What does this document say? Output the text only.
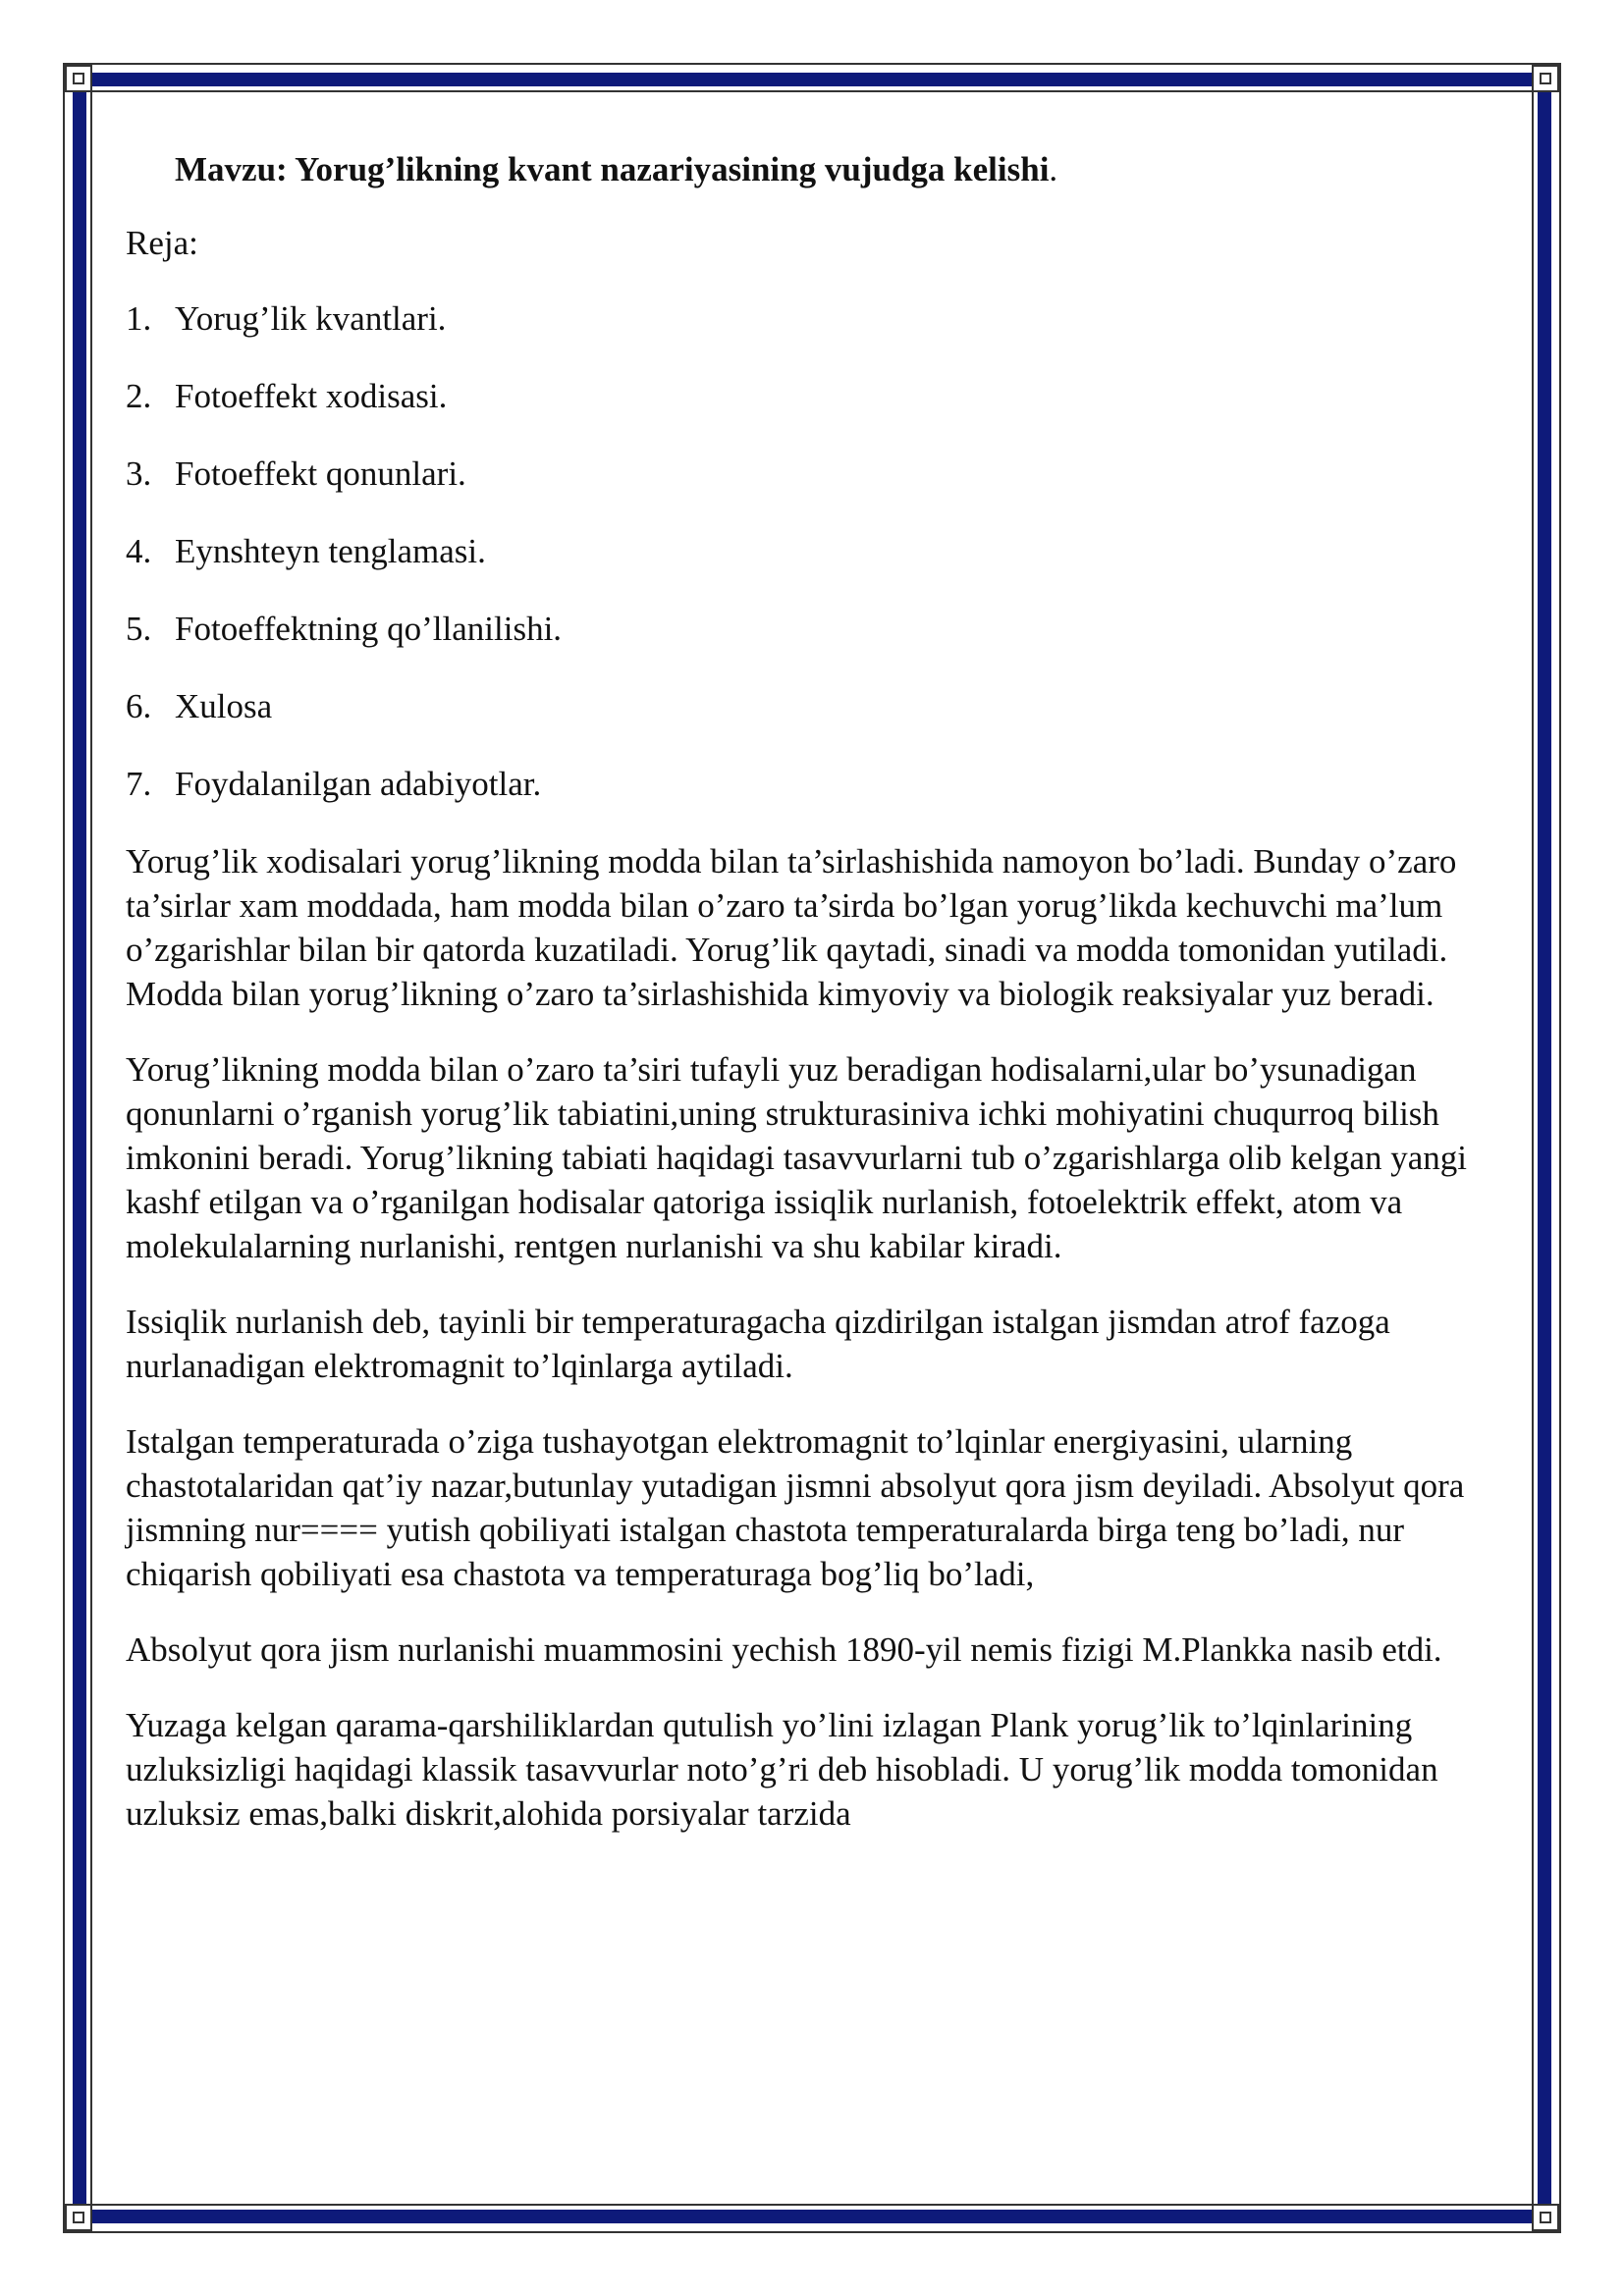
Mavzu: Yorug’likning kvant nazariyasining vujudga kelishi.

Reja:

1. Yorug’lik kvantlari.
2. Fotoeffekt xodisasi.
3. Fotoeffekt qonunlari.
4. Eynshteyn tenglamasi.
5. Fotoeffektning qo’llanilishi.
6. Xulosa
7. Foydalanilgan adabiyotlar.

Yorug’lik xodisalari yorug’likning modda bilan ta’sirlashishida namoyon bo’ladi. Bunday o’zaro ta’sirlar xam moddada, ham modda bilan o’zaro ta’sirda bo’lgan yorug’likda kechuvchi ma’lum o’zgarishlar bilan bir qatorda kuzatiladi. Yorug’lik qaytadi, sinadi va modda tomonidan yutiladi. Modda bilan yorug’likning o’zaro ta’sirlashishida kimyoviy va biologik reaksiyalar yuz beradi.

Yorug’likning modda bilan o’zaro ta’siri tufayli yuz beradigan hodisalarni,ular bo’ysunadigan qonunlarni o’rganish yorug’lik tabiatini,uning strukturasiniva ichki mohiyatini chuqurroq bilish imkonini beradi. Yorug’likning tabiati haqidagi tasavvurlarni tub o’zgarishlarga olib kelgan yangi kashf etilgan va o’rganilgan hodisalar qatoriga issiqlik nurlanish, fotoelektrik effekt, atom va molekulalarning nurlanishi, rentgen nurlanishi va shu kabilar kiradi.

Issiqlik nurlanish deb, tayinli bir temperaturagacha qizdirilgan istalgan jismdan atrof fazoga nurlanadigan elektromagnit to’lqinlarga aytiladi.

Istalgan temperaturada o’ziga tushayotgan elektromagnit to’lqinlar energiyasini, ularning chastotalaridan qat’iy nazar,butunlay yutadigan jismni absolyut qora jism deyiladi. Absolyut qora jismning nur==== yutish qobiliyati istalgan chastota temperaturalarda birga teng bo’ladi, nur chiqarish qobiliyati esa chastota va temperaturaga bog’liq bo’ladi,

Absolyut qora jism nurlanishi muammosini yechish 1890-yil nemis fizigi M.Plankka nasib etdi.

Yuzaga kelgan qarama-qarshiliklardan qutulish yo’lini izlagan Plank yorug’lik to’lqinlarining uzluksizligi haqidagi klassik tasavvurlar noto’g’ri deb hisobladi. U yorug’lik modda tomonidan uzluksiz emas,balki diskrit,alohida porsiyalar tarzida
